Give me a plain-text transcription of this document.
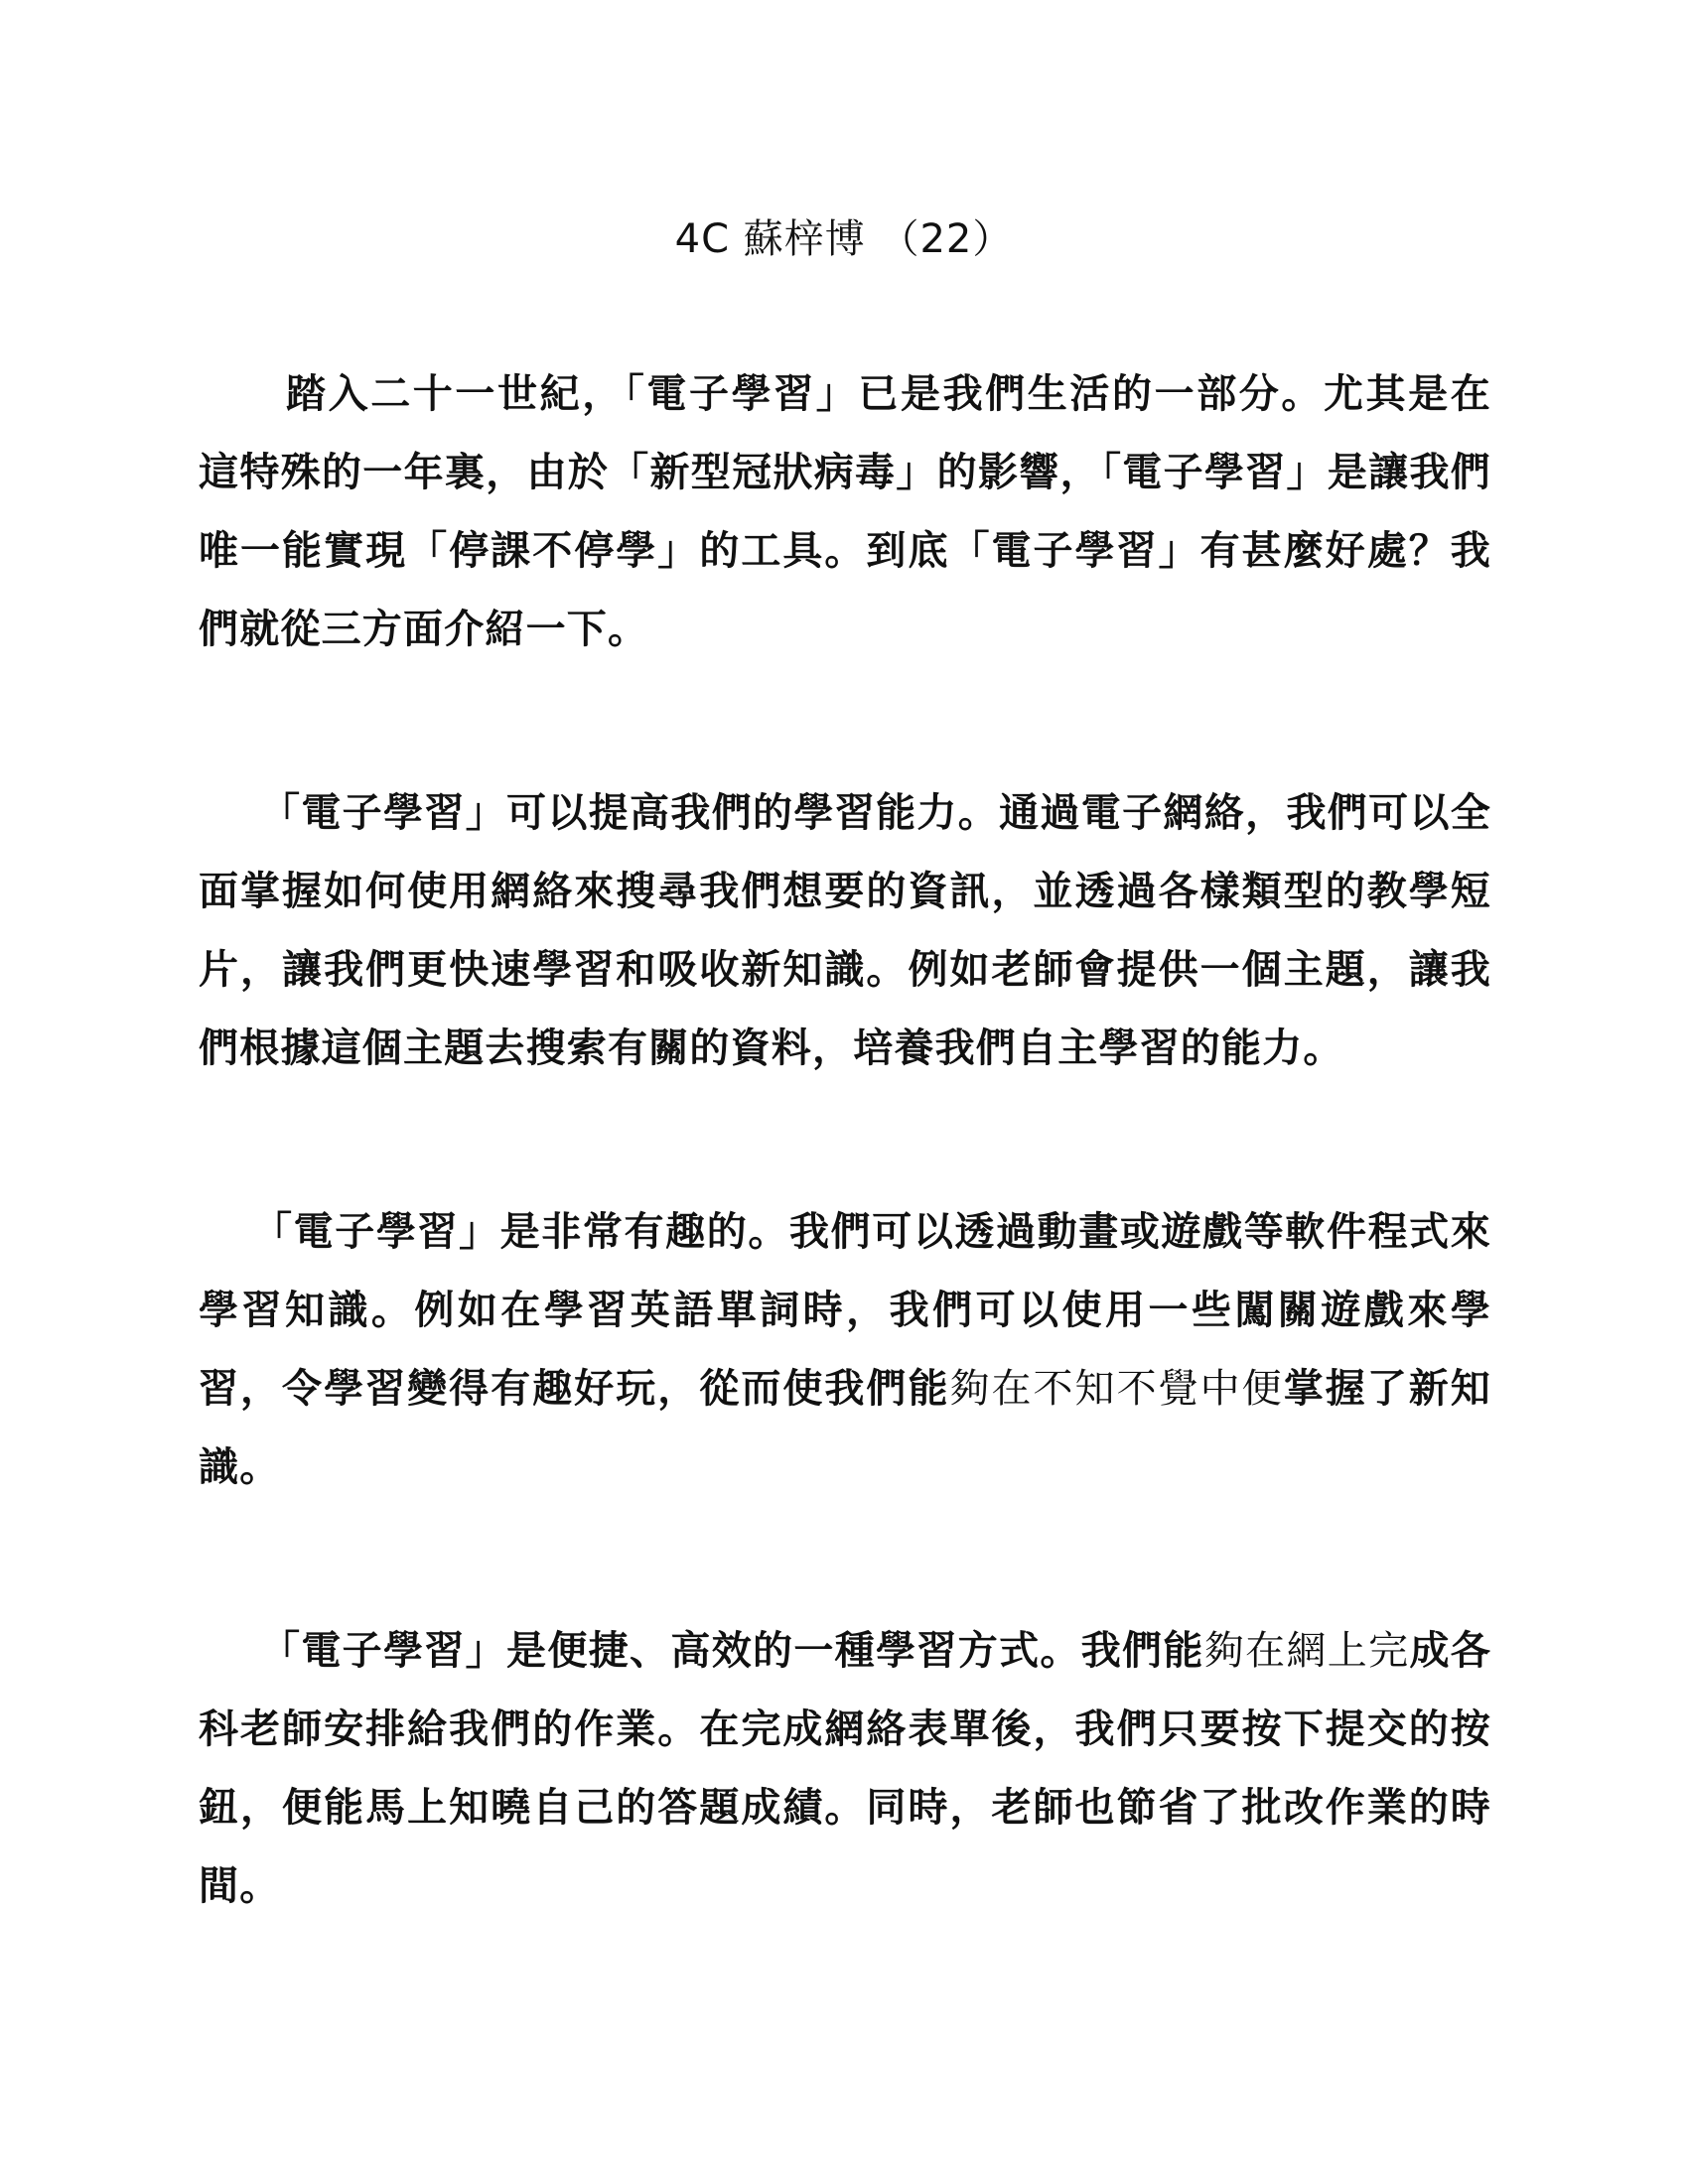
4C 蘇梓博 （22）

踏入二十一世紀，「電子學習」已是我們生活的一部分。尤其是在這特殊的一年裏，由於「新型冠狀病毒」的影響，「電子學習」是讓我們唯一能實現「停課不停學」的工具。到底「電子學習」有甚麼好處？我們就從三方面介紹一下。

「電子學習」可以提高我們的學習能力。通過電子網絡，我們可以全面掌握如何使用網絡來搜尋我們想要的資訊，並透過各樣類型的教學短片，讓我們更快速學習和吸收新知識。例如老師會提供一個主題，讓我們根據這個主題去搜索有關的資料，培養我們自主學習的能力。

「電子學習」是非常有趣的。我們可以透過動畫或遊戲等軟件程式來學習知識。例如在學習英語單詞時，我們可以使用一些闖關遊戲來學習，令學習變得有趣好玩，從而使我們能夠在不知不覺中便掌握了新知識。

「電子學習」是便捷、高效的一種學習方式。我們能夠在網上完成各科老師安排給我們的作業。在完成網絡表單後，我們只要按下提交的按鈕，便能馬上知曉自己的答題成績。同時，老師也節省了批改作業的時間。
